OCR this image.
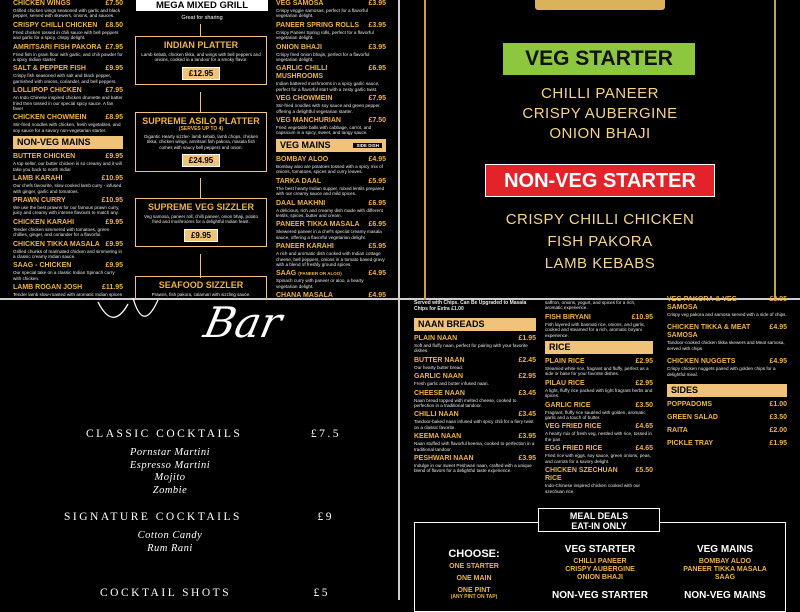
CHICKEN WINGS	£7.50
Grilled chicken wings seasoned with garlic and black pepper, served with skewers, onions, and sauces.
CRISPY CHILLI CHICKEN £8.50
Fried chicken tossed in chili sauce with bell peppers and garlic for a spicy, crispy delight.
AMRITSARI FISH PAKORA £7.95
Fried fish in gram flour with garlic, and chili powder for a spicy Indian starter.
SALT & PEPPER FISH	£9.95
Crispy fish seasoned with salt and black pepper, garnished with onions, coriander, and bell peppers.
LOLLIPOP CHICKEN	£7.95
An Indo Chinese inspired chicken drumette and batter fried then tossed in our special spicy sauce. A fan fave!
CHICKEN CHOWMEIN	£8.95
Stir-fried noodles with chicken, fresh vegetables, and soy sauce for a savory non-vegetarian starter.
NON-VEG MAINS
BUTTER CHICKEN	£9.95
A top seller, our butter chicken is so creamy and it will take you back to north India!
LAMB KARAHI	£10.95
Our chefs favourite, slow cooked lamb curry - infused with ginger, garlic and tomatoes.
PRAWN CURRY	£10.95
We use the best prawns for our famous prawn curry, juicy and creamy with intense flavours to match any.
CHICKEN KARAHI	£9.95
Tender chicken simmered with tomatoes, green chillies, ginger, and coriander for a flavorful.
CHICKEN TIKKA MASALA £9.95
Grilled chunks of marinated chicken and simmering in a classic creamy Indian sauce.
SAAG - CHICKEN	£9.95
Our special take on a classic Indian Spinach curry with chicken.
LAMB ROGAN JOSH	£11.95
Tender lamb slow-roasted with aromatic Indian spices
MEGA MIXED GRILL
Great for sharing
INDIAN PLATTER
Lamb kebab, chicken tikka, and wings with bell peppers and onions, cooked in a tandoor for a smoky flavor.
£12.95
SUPREME ASILO PLATTER
(SERVES UP TO 4)
Gigantic Hearty sizzler- lamb kebab, lamb chops, chicken tikka, chicken wings, amritsari fish pakora, masala fish comes with saucy bell peppers and onion.
£24.95
SUPREME VEG SIZZLER
Veg samosa, paneer roll, chilli paneer, onion bhaji, potato fried and mushrooms for a delightful Indian feast.
£9.95
SEAFOOD SIZZLER
Prawns, fish pakora, calamari with sizzling sauce.
VEG SAMOSA	£3.95
Crispy veggie samosas, perfect for a flavorful vegetarian delight.
PANEER SPRING ROLLS £3.95
Crispy Paneer Spring rolls, perfect for a flavorful vegetarian delight.
ONION BHAJI	£3.95
Crispy fried onion bhajis, perfect for a flavorful vegetarian delight.
GARLIC CHILLI MUSHROOMS
£6.95
Indian battered mushrooms in a spicy garlic sauce, perfect for a flavorful start with a zesty garlic twist.
VEG CHOWMEIN	£7.95
Stir-fried noodles with soy sauce and green pepper, offering a delightful vegetarian starter.
VEG MANCHURIAN	£7.50
Fried vegetable balls with cabbage, carrot, and capsicum in a spicy, sweet, and tangy sauce.
VEG MAINS	SIDE DISH
BOMBAY ALOO	£4.95
Bombay aloo are potatoes tossed with a spicy mix of onions, tomatoes, spices and curry leaves.
TARKA DAAL	£5.95
The best hearty Indian supper, mixed lentils prepared with our creamy sauce and mild spices.
DAAL MAKHNI	£6.95
A delicious, rich and creamy dish made with different lentils, spices, butter and cream.
PANEER TIKKA MASALA £6.95
Skewered paneer in a chef's special creamy masala sauce, offering a flavorful vegetarian delight.
PANEER KARAHI	£5.95
A rich and aromatic dish cooked with Indian cottage cheese, bell peppers, onions in a tomato based gravy with a blend of freshly ground spices.
SAAG (PANEER OR ALOO)	£4.95
Spinach curry with paneer or aloo, a hearty vegetarian delight.
CHANA MASALA	£4.95
VEG STARTER
CHILLI PANEER
CRISPY AUBERGINE
ONION BHAJI
NON-VEG STARTER
CRISPY CHILLI CHICKEN
FISH PAKORA
LAMB KEBABS
Bar
CLASSIC COCKTAILS	£7.5
Pornstar Martini
Espresso Martini
Mojito
Zombie
SIGNATURE COCKTAILS	£9
Cotton Candy
Rum Rani
COCKTAIL SHOTS	£5
Served with Chips. Can Be Upgraded to Masala Chips for Extra £1.00
NAAN BREADS
PLAIN NAAN	£1.95
Soft and fluffy naan, perfect for pairing with your favorite dishes.
BUTTER NAAN	£2.45
Our hearty butter bread.
GARLIC NAAN	£2.95
Fresh garlic and butter infused naan.
CHEESE NAAN	£3.45
Naan bread topped with melted cheese, cooked to perfection in a traditional tandoor.
CHILLI NAAN	£3.45
Tandoor-baked naan infused with spicy chili for a fiery twist on a classic favorite.
KEEMA NAAN	£3.95
Naan stuffed with flavorful keema, cooked to perfection in a traditional tandoor.
PESHWARI NAAN	£3.95
Indulge in our sweet Peshwari naan, crafted with a unique blend of flavors for a delightful taste experience.
saffron, onions, yogurt, and spices for a rich, aromatic experience.
FISH BIRYANI	£10.95
Fish layered with basmati rice, onions, and garlic, cooked and steamed for a rich, aromatic biryani experience.
RICE
PLAIN RICE	£2.95
Steamed white rice, fragrant and fluffy, perfect as a side or base for your favorite dishes.
PILAU RICE	£2.95
A light, fluffy rice packed with light fragrant herbs and spices.
GARLIC RICE	£3.50
Fragrant, fluffy rice sautéed with golden, aromatic garlic and a touch of butter.
VEG FRIED RICE	£4.65
A hearty mix of fresh veg, nestled with rice, tossed in the pan.
EGG FRIED RICE	£4.65
Fried rice with eggs, soy sauce, green onions, peas, and carrots for a savory delight.
CHICKEN SZECHUAN RICE
£5.50
Indo-Chinese inspired chicken cooked with our szechuan rice.
VEG PAKORA & VEG SAMOSA
£3.95
Crispy veg pakora and samosa served with a side of chips.
CHICKEN TIKKA & MEAT SAMOSA
£4.95
Tandoor-cooked chicken tikka skewers and Meat samosa, served with chips.
CHICKEN NUGGETS	£4.95
Crispy chicken nuggets paired with golden chips for a delightful meal.
SIDES
POPPADOMS	£1.00
GREEN SALAD	£3.50
RAITA	£2.00
PICKLE TRAY	£1.95
MEAL DEALS
EAT-IN ONLY
CHOOSE:
ONE STARTER
ONE MAIN
ONE PINT
(ANY PINT ON TAP)
VEG STARTER
CHILLI PANEER
CRISPY AUBERGINE
ONION BHAJI
NON-VEG STARTER
VEG MAINS
BOMBAY ALOO
PANEER TIKKA MASALA
SAAG
NON-VEG MAINS
